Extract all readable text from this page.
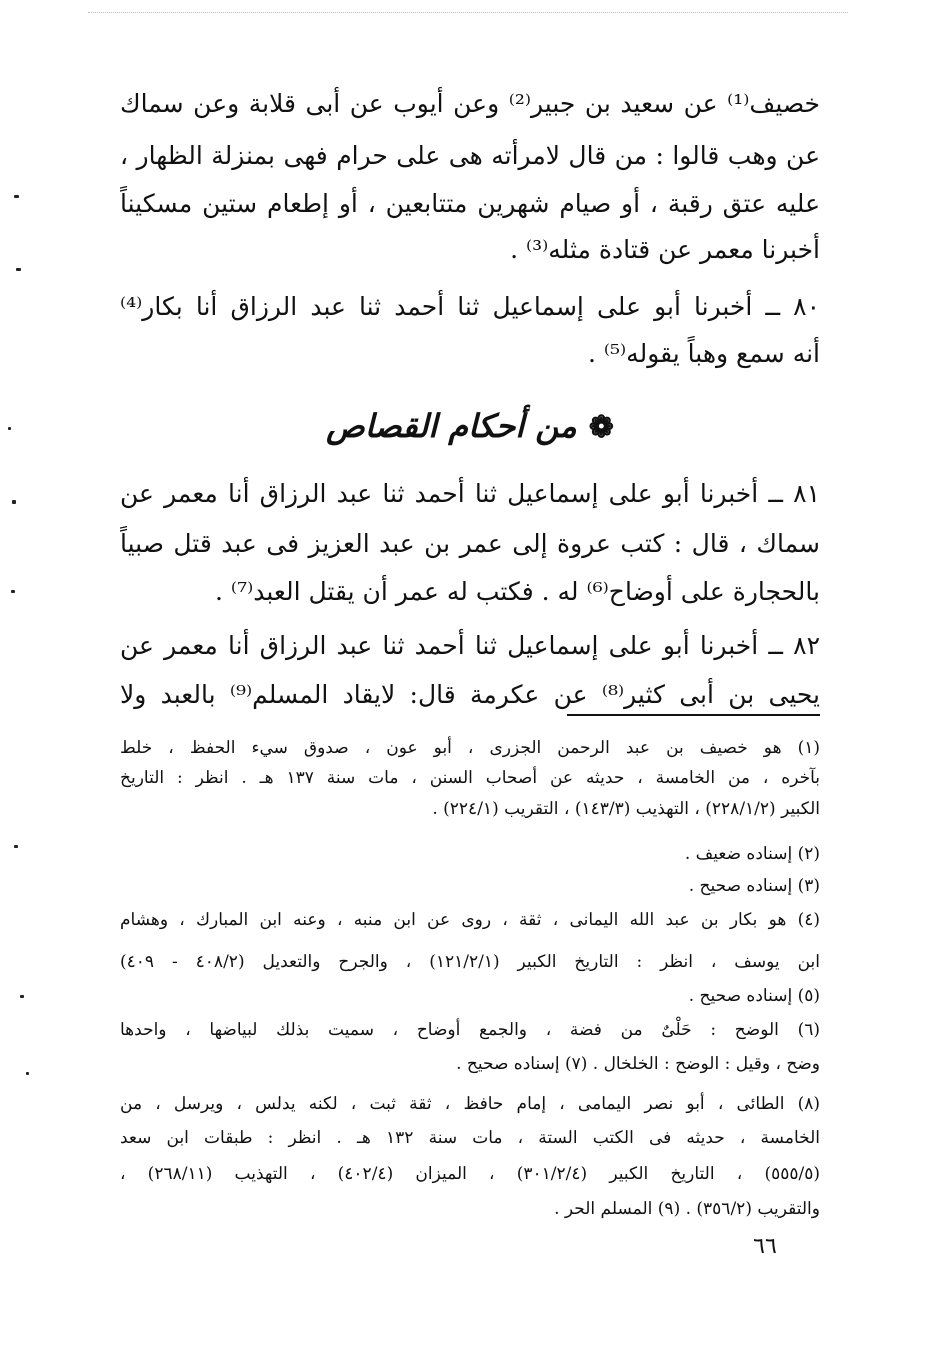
خصيف⁽¹⁾ عن سعيد بن جبير⁽²⁾ وعن أيوب عن أبى قلابة وعن سماك
عن وهب قالوا : من قال لامرأته هى على حرام فهى بمنزلة الظهار ،
عليه عتق رقبة ، أو صيام شهرين متتابعين ، أو إطعام ستين مسكيناً
أخبرنا معمر عن قتادة مثله⁽³⁾ .
٨٠ ــ أخبرنا أبو على إسماعيل ثنا أحمد ثنا عبد الرزاق أنا بكار⁽⁴⁾
أنه سمع وهباً يقوله⁽⁵⁾ .
❁من أحكام القصاص
٨١ ــ أخبرنا أبو على إسماعيل ثنا أحمد ثنا عبد الرزاق أنا معمر عن
سماك ، قال : كتب عروة إلى عمر بن عبد العزيز فى عبد قتل صبياً
بالحجارة على أوضاح⁽⁶⁾ له . فكتب له عمر أن يقتل العبد⁽⁷⁾ .
٨٢ ــ أخبرنا أبو على إسماعيل ثنا أحمد ثنا عبد الرزاق أنا معمر عن
يحيى بن أبى كثير⁽⁸⁾ عن عكرمة قال: لايقاد المسلم⁽⁹⁾ بالعبد ولا
(١) هو خصيف بن عبد الرحمن الجزرى ، أبو عون ، صدوق سيء الحفظ ، خلط
بآخره ، من الخامسة ، حديثه عن أصحاب السنن ، مات سنة ١٣٧ هـ . انظر : التاريخ
الكبير (٢٢٨/١/٢) ، التهذيب (١٤٣/٣) ، التقريب (٢٢٤/١) .
(٢) إسناده ضعيف .
(٣) إسناده صحيح .
(٤) هو بكار بن عبد الله اليمانى ، ثقة ، روى عن ابن منبه ، وعنه ابن المبارك ، وهشام
ابن يوسف ، انظر : التاريخ الكبير (١٢١/٢/١) ، والجرح والتعديل (٤٠٨/٢ - ٤٠٩)
(٥) إسناده صحيح .
(٦) الوضح : حَلْىٌ من فضة ، والجمع أوضاح ، سميت بذلك لبياضها ، واحدها
وضح ، وقيل : الوضح : الخلخال . (٧) إسناده صحيح .
(٨) الطائى ، أبو نصر اليمامى ، إمام حافظ ، ثقة ثبت ، لكنه يدلس ، ويرسل ، من
الخامسة ، حديثه فى الكتب الستة ، مات سنة ١٣٢ هـ . انظر : طبقات ابن سعد
(٥٥٥/٥) ، التاريخ الكبير (٣٠١/٢/٤) ، الميزان (٤٠٢/٤) ، التهذيب (٢٦٨/١١) ،
والتقريب (٣٥٦/٢) . (٩) المسلم الحر .
٦٦
